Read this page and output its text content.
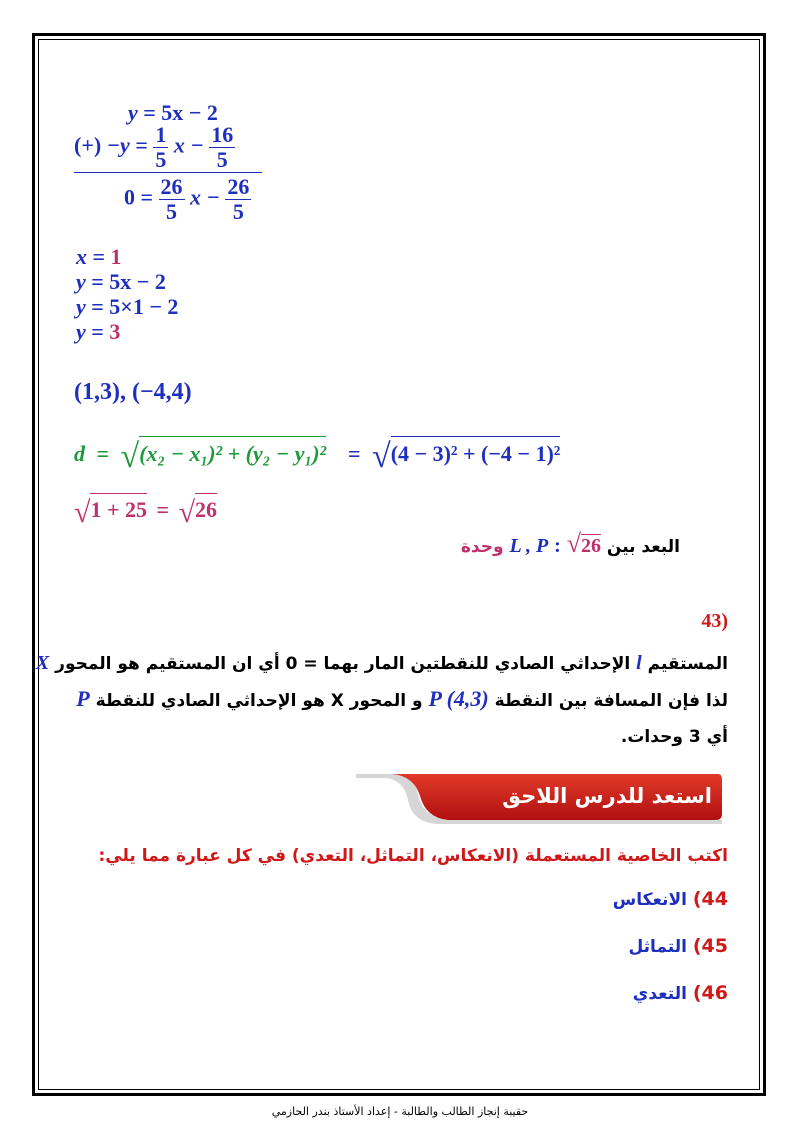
y = 5x − 2
(+) $-y = \frac{1}{5}$ $x - \frac{16}{5}$
$0 = \frac{26}{5}$ $x - \frac{26}{5}$
x = 1
y = 5x − 2
y = 5×1 − 2
y = 3
(1,3), (−4,4)
d = √(x₂ − x₁)² + (y₂ − y₁)² = √(4 − 3)² + (−4 − 1)²
√1 + 25 = √26
البعد بين L , P : √26 وحدة
(43
المستقيم l الإحداثي الصادي للنقطتين المار بهما = 0 أي ان المستقيم هو المحور X
لذا فإن المسافة بين النقطة P (4,3) و المحور X هو الإحداثي الصادي للنقطة P
أي 3 وحدات.
استعد للدرس اللاحق
اكتب الخاصية المستعملة (الانعكاس، التماثل، التعدي) في كل عبارة مما يلي:
44) الانعكاس
45) التماثل
46) التعدي
حقيبة إنجاز الطالب والطالبة - إعداد الأستاذ بندر الحازمي
